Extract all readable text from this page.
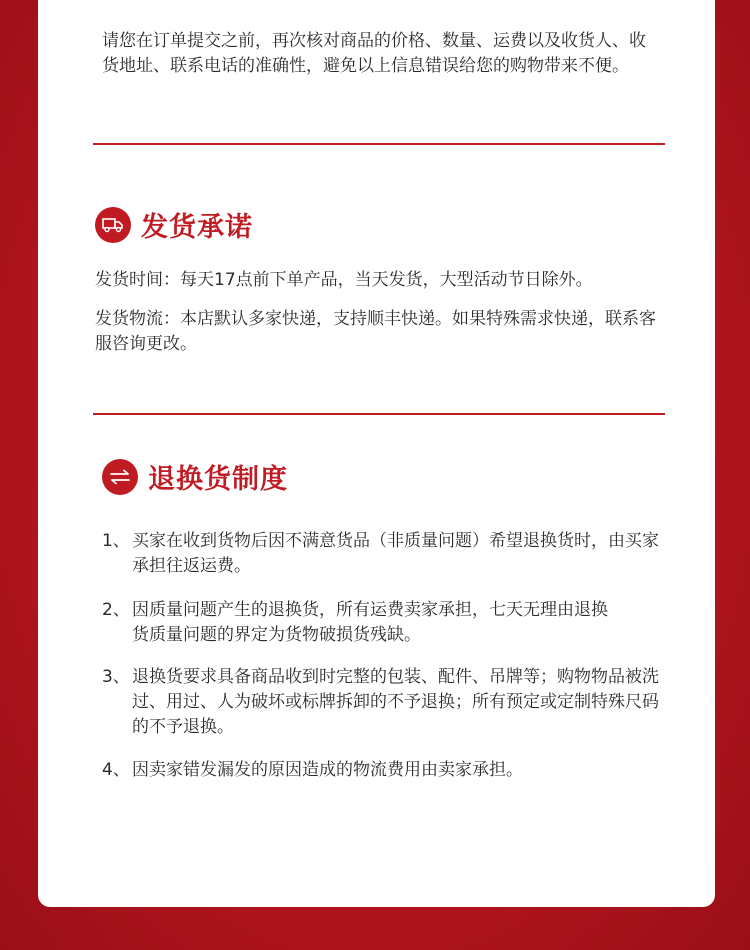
请您在订单提交之前，再次核对商品的价格、数量、运费以及收货人、收货地址、联系电话的准确性，避免以上信息错误给您的购物带来不便。

发货承诺

发货时间：每天17点前下单产品，当天发货，大型活动节日除外。

发货物流：本店默认多家快递，支持顺丰快递。如果特殊需求快递，联系客服咨询更改。

退换货制度
1、 买家在收到货物后因不满意货品（非质量问题）希望退换货时，由买家承担往返运费。
2、 因质量问题产生的退换货，所有运费卖家承担，七天无理由退换货质量问题的界定为货物破损货残缺。
3、 退换货要求具备商品收到时完整的包装、配件、吊牌等；购物物品被洗过、用过、人为破坏或标牌拆卸的不予退换；所有预定或定制特殊尺码的不予退换。
4、 因卖家错发漏发的原因造成的物流费用由卖家承担。
